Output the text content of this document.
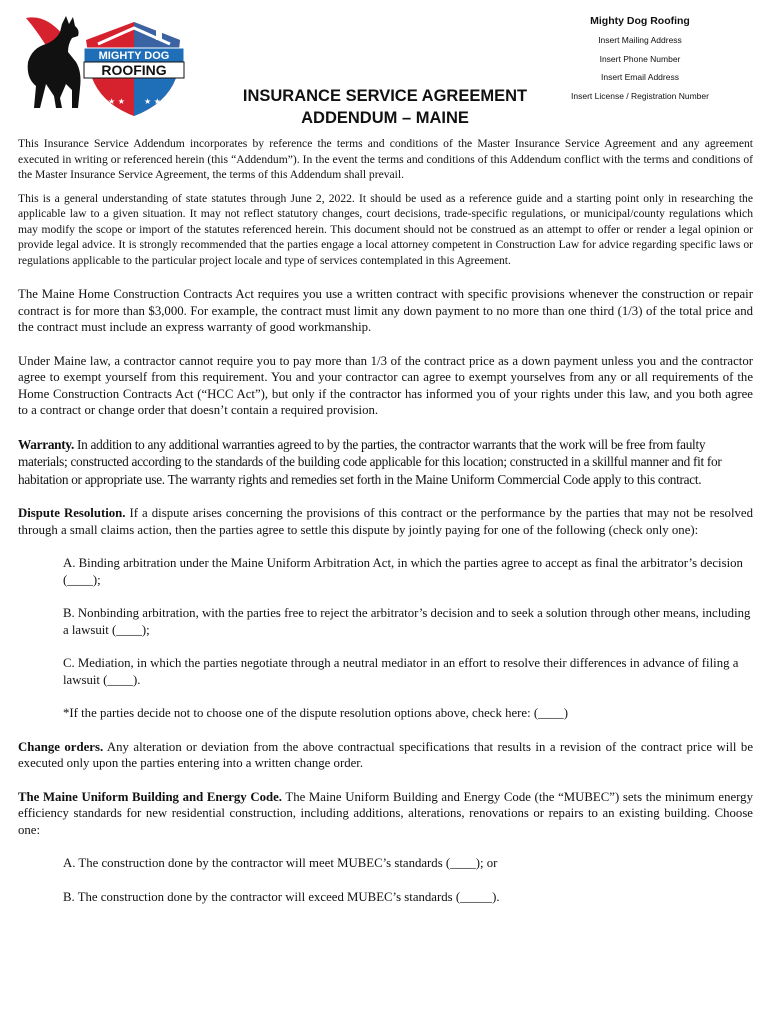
★ ★ ★ ★
MIGHTY DOG
ROOFING
Mighty Dog Roofing
Insert Mailing Address
Insert Phone Number
Insert Email Address
Insert License / Registration Number
INSURANCE SERVICE AGREEMENT
ADDENDUM – MAINE

This Insurance Service Addendum incorporates by reference the terms and conditions of the Master Insurance Service Agreement and any agreement executed in writing or referenced herein (this “Addendum”). In the event the terms and conditions of this Addendum conflict with the terms and conditions of the Master Insurance Service Agreement, the terms of this Addendum shall prevail.

This is a general understanding of state statutes through June 2, 2022. It should be used as a reference guide and a starting point only in researching the applicable law to a given situation. It may not reflect statutory changes, court decisions, trade-specific regulations, or municipal/county regulations which may modify the scope or import of the statutes referenced herein. This document should not be construed as an attempt to offer or render a legal opinion or provide legal advice. It is strongly recommended that the parties engage a local attorney competent in Construction Law for advice regarding specific laws or regulations applicable to the particular project locale and type of services contemplated in this Agreement.

The Maine Home Construction Contracts Act requires you use a written contract with specific provisions whenever the construction or repair contract is for more than $3,000. For example, the contract must limit any down payment to no more than one third (1/3) of the total price and the contract must include an express warranty of good workmanship.

Under Maine law, a contractor cannot require you to pay more than 1/3 of the contract price as a down payment unless you and the contractor agree to exempt yourself from this requirement. You and your contractor can agree to exempt yourselves from any or all requirements of the Home Construction Contracts Act (“HCC Act”), but only if the contractor has informed you of your rights under this law, and you both agree to a contract or change order that doesn’t contain a required provision.

Warranty. In addition to any additional warranties agreed to by the parties, the contractor warrants that the work will be free from faulty materials; constructed according to the standards of the building code applicable for this location; constructed in a skillful manner and fit for habitation or appropriate use. The warranty rights and remedies set forth in the Maine Uniform Commercial Code apply to this contract.

Dispute Resolution. If a dispute arises concerning the provisions of this contract or the performance by the parties that may not be resolved through a small claims action, then the parties agree to settle this dispute by jointly paying for one of the following (check only one):

A. Binding arbitration under the Maine Uniform Arbitration Act, in which the parties agree to accept as final the arbitrator’s decision (____);

B. Nonbinding arbitration, with the parties free to reject the arbitrator’s decision and to seek a solution through other means, including a lawsuit (____);

C. Mediation, in which the parties negotiate through a neutral mediator in an effort to resolve their differences in advance of filing a lawsuit (____).

*If the parties decide not to choose one of the dispute resolution options above, check here: (____)

Change orders. Any alteration or deviation from the above contractual specifications that results in a revision of the contract price will be executed only upon the parties entering into a written change order.

The Maine Uniform Building and Energy Code. The Maine Uniform Building and Energy Code (the “MUBEC”) sets the minimum energy efficiency standards for new residential construction, including additions, alterations, renovations or repairs to an existing building. Choose one:

A. The construction done by the contractor will meet MUBEC’s standards (____); or

B. The construction done by the contractor will exceed MUBEC’s standards (_____).
